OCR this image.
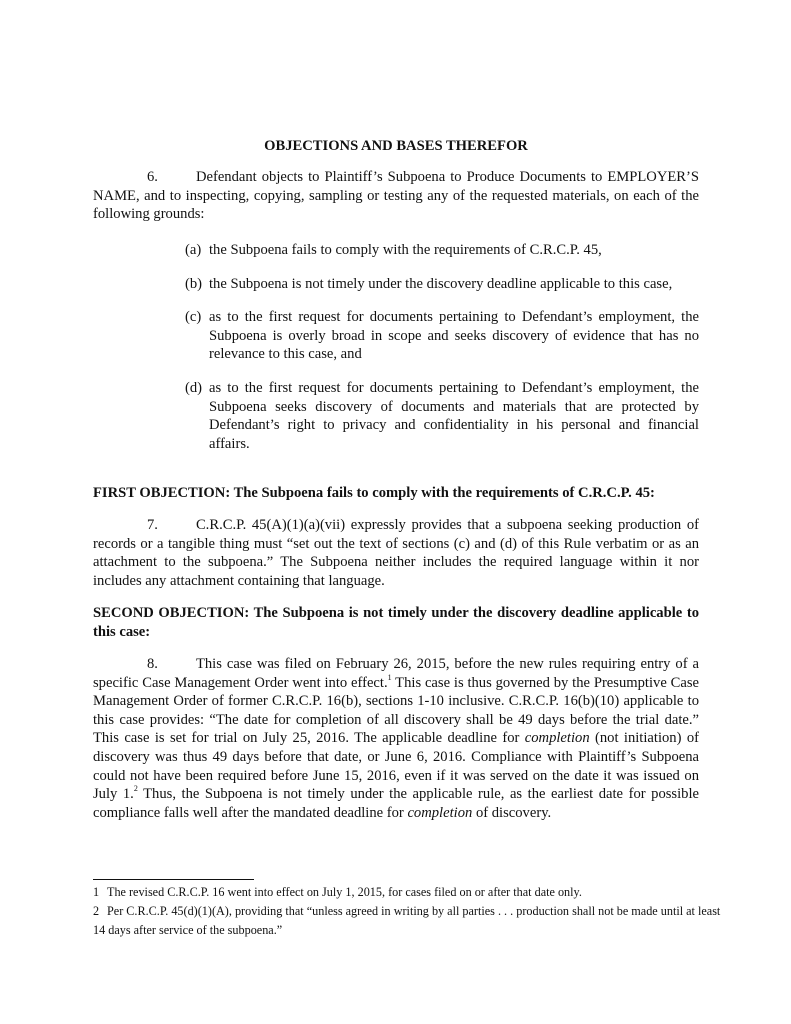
OBJECTIONS AND BASES THEREFOR

6.	Defendant objects to Plaintiff’s Subpoena to Produce Documents to EMPLOYER’S NAME, and to inspecting, copying, sampling or testing any of the requested materials, on each of the following grounds:

(a) the Subpoena fails to comply with the requirements of C.R.C.P. 45,
(b) the Subpoena is not timely under the discovery deadline applicable to this case,
(c) as to the first request for documents pertaining to Defendant’s employment, the Subpoena is overly broad in scope and seeks discovery of evidence that has no relevance to this case, and
(d) as to the first request for documents pertaining to Defendant’s employment, the Subpoena seeks discovery of documents and materials that are protected by Defendant’s right to privacy and confidentiality in his personal and financial affairs.

FIRST OBJECTION: The Subpoena fails to comply with the requirements of C.R.C.P. 45:

7.	C.R.C.P. 45(A)(1)(a)(vii) expressly provides that a subpoena seeking production of records or a tangible thing must “set out the text of sections (c) and (d) of this Rule verbatim or as an attachment to the subpoena.” The Subpoena neither includes the required language within it nor includes any attachment containing that language.

SECOND OBJECTION: The Subpoena is not timely under the discovery deadline applicable to this case:

8.	This case was filed on February 26, 2015, before the new rules requiring entry of a specific Case Management Order went into effect.$^1$ This case is thus governed by the Presumptive Case Management Order of former C.R.C.P. 16(b), sections 1-10 inclusive. C.R.C.P. 16(b)(10) applicable to this case provides: “The date for completion of all discovery shall be 49 days before the trial date.” This case is set for trial on July 25, 2016. The applicable deadline for completion (not initiation) of discovery was thus 49 days before that date, or June 6, 2016. Compliance with Plaintiff’s Subpoena could not have been required before June 15, 2016, even if it was served on the date it was issued on July 1.$^2$ Thus, the Subpoena is not timely under the applicable rule, as the earliest date for possible compliance falls well after the mandated deadline for completion of discovery.

1 The revised C.R.C.P. 16 went into effect on July 1, 2015, for cases filed on or after that date only.

2 Per C.R.C.P. 45(d)(1)(A), providing that “unless agreed in writing by all parties . . . production shall not be made until at least 14 days after service of the subpoena.”
